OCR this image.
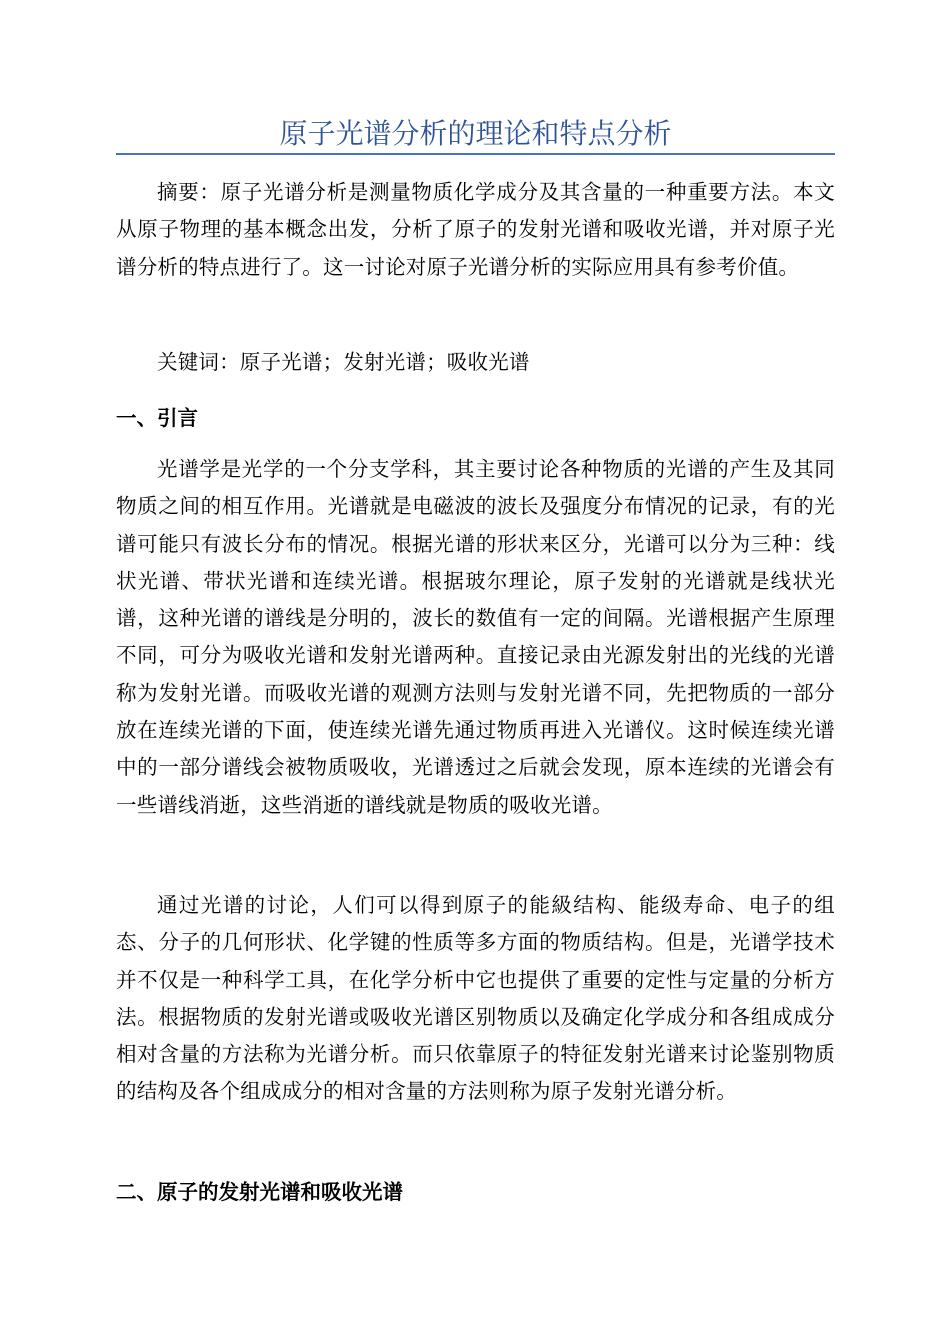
原子光谱分析的理论和特点分析

摘要：原子光谱分析是测量物质化学成分及其含量的一种重要方法。本文从原子物理的基本概念出发，分析了原子的发射光谱和吸收光谱，并对原子光谱分析的特点进行了。这一讨论对原子光谱分析的实际应用具有参考价值。

关键词：原子光谱；发射光谱；吸收光谱

一、引言

光谱学是光学的一个分支学科，其主要讨论各种物质的光谱的产生及其同物质之间的相互作用。光谱就是电磁波的波长及强度分布情况的记录，有的光谱可能只有波长分布的情况。根据光谱的形状来区分，光谱可以分为三种：线状光谱、带状光谱和连续光谱。根据玻尔理论，原子发射的光谱就是线状光谱，这种光谱的谱线是分明的，波长的数值有一定的间隔。光谱根据产生原理不同，可分为吸收光谱和发射光谱两种。直接记录由光源发射出的光线的光谱称为发射光谱。而吸收光谱的观测方法则与发射光谱不同，先把物质的一部分放在连续光谱的下面，使连续光谱先通过物质再进入光谱仪。这时候连续光谱中的一部分谱线会被物质吸收，光谱透过之后就会发现，原本连续的光谱会有一些谱线消逝，这些消逝的谱线就是物质的吸收光谱。

通过光谱的讨论，人们可以得到原子的能級结构、能级寿命、电子的组态、分子的几何形状、化学键的性质等多方面的物质结构。但是，光谱学技术并不仅是一种科学工具，在化学分析中它也提供了重要的定性与定量的分析方法。根据物质的发射光谱或吸收光谱区别物质以及确定化学成分和各组成成分相对含量的方法称为光谱分析。而只依靠原子的特征发射光谱来讨论鉴别物质的结构及各个组成成分的相对含量的方法则称为原子发射光谱分析。

二、原子的发射光谱和吸收光谱
